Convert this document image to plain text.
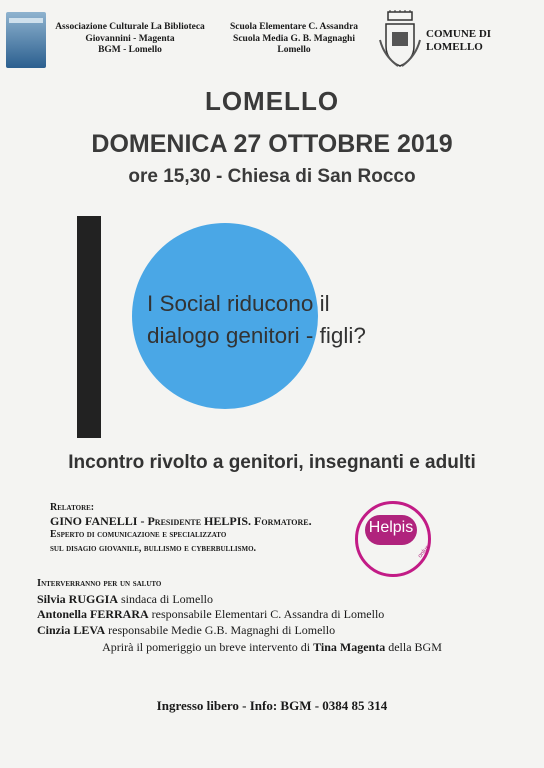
Associazione Culturale La Biblioteca
Giovannini - Magenta
BGM - Lomello
Scuola Elementare C. Assandra
Scuola Media G. B. Magnaghi
Lomello
COMUNE DI
LOMELLO
LOMELLO
DOMENICA 27 OTTOBRE 2019
ore 15,30 - Chiesa di San Rocco
I Social riducono il
dialogo genitori - figli?
Incontro rivolto a genitori, insegnanti e adulti
Relatore:
GINO FANELLI - Presidente HELPIS. Formatore.
Esperto di comunicazione e specializzato
sul disagio giovanile, bullismo e cyberbullismo.
Helpis
onlus
Interverranno per un saluto
Silvia RUGGIA sindaca di Lomello
Antonella FERRARA responsabile Elementari C. Assandra di Lomello
Cinzia LEVA responsabile Medie G.B. Magnaghi di Lomello
Aprirà il pomeriggio un breve intervento di Tina Magenta della BGM
Ingresso libero - Info: BGM - 0384 85 314
